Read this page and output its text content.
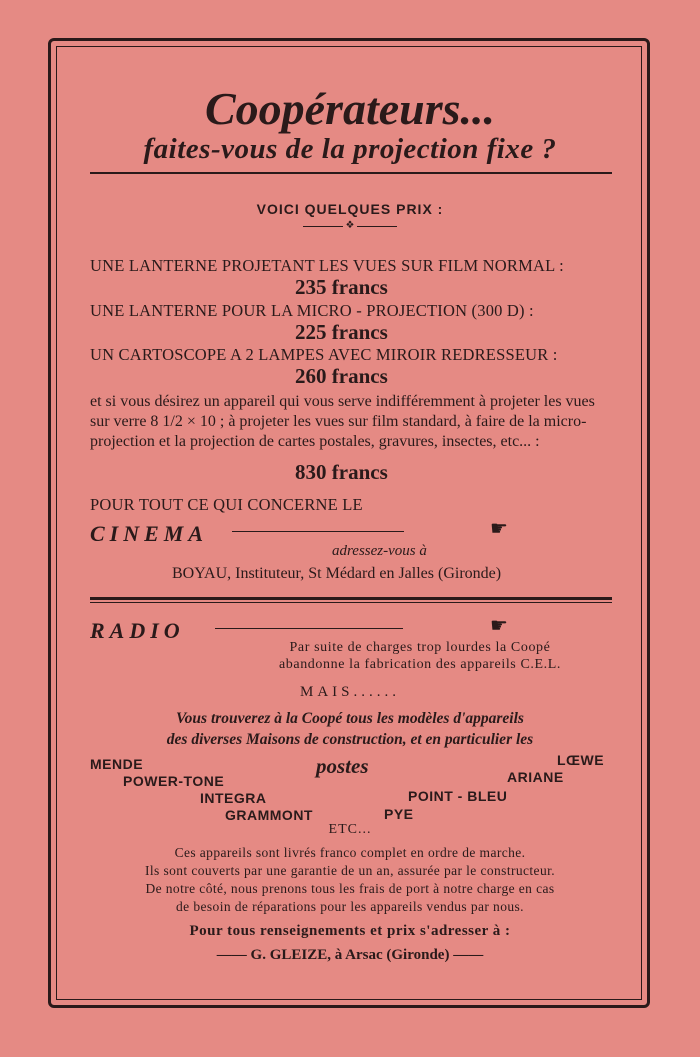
Coopérateurs...
faites-vous de la projection fixe ?
VOICI QUELQUES PRIX :
❖
UNE LANTERNE PROJETANT LES VUES SUR FILM NORMAL :
235 francs
UNE LANTERNE POUR LA MICRO - PROJECTION (300 D) :
225 francs
UN CARTOSCOPE A 2 LAMPES AVEC MIROIR REDRESSEUR :
260 francs
et si vous désirez un appareil qui vous serve indifféremment à projeter les vues sur verre 8 1/2 × 10 ; à projeter les vues sur film standard, à faire de la micro-projection et la projection de cartes postales, gravures, insectes, etc... :
830 francs
POUR TOUT CE QUI CONCERNE LE
CINEMA	☛
adressez-vous à
BOYAU, Instituteur, St Médard en Jalles (Gironde)
RADIO	☛
Par suite de charges trop lourdes la Coopé
abandonne la fabrication des appareils C.E.L.
MAIS......
Vous trouverez à la Coopé tous les modèles d'appareils
des diverses Maisons de construction, et en particulier les
MENDE
POWER-TONE
INTEGRA
GRAMMONT
LŒWE
ARIANE
POINT - BLEU
PYE
postes
ETC...
Ces appareils sont livrés franco complet en ordre de marche.
Ils sont couverts par une garantie de un an, assurée par le constructeur.
De notre côté, nous prenons tous les frais de port à notre charge en cas
de besoin de réparations pour les appareils vendus par nous.
Pour tous renseignements et prix s'adresser à :
—— G. GLEIZE, à Arsac (Gironde) ——
